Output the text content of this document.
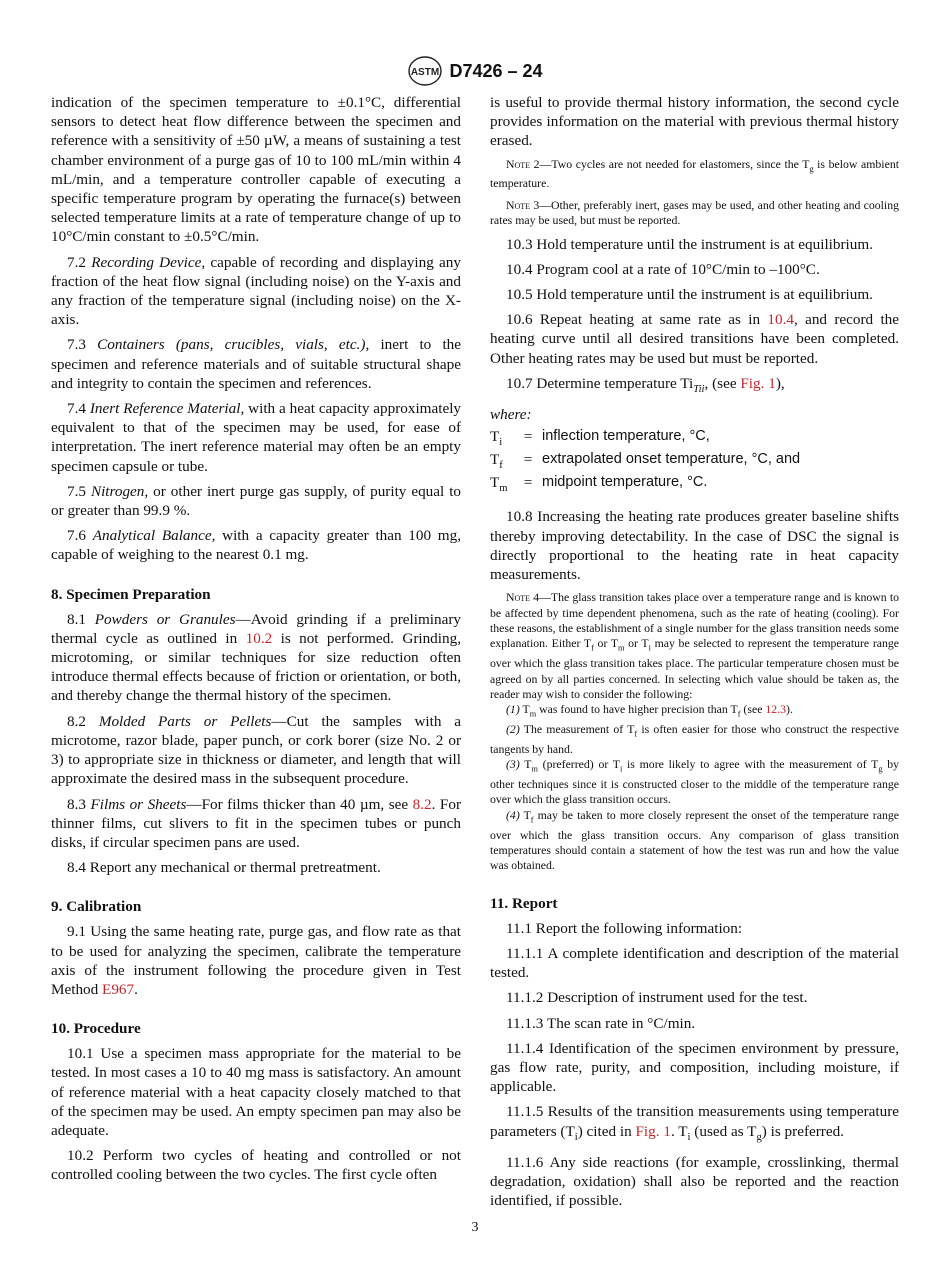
ASTM D7426 – 24

indication of the specimen temperature to ±0.1°C, differential sensors to detect heat flow difference between the specimen and reference with a sensitivity of ±50 µW, a means of sustaining a test chamber environment of a purge gas of 10 to 100 mL/min within 4 mL/min, and a temperature controller capable of executing a specific temperature program by operating the furnace(s) between selected temperature limits at a rate of temperature change of up to 10°C/min constant to ±0.5°C/min.

7.2 Recording Device, capable of recording and displaying any fraction of the heat flow signal (including noise) on the Y-axis and any fraction of the temperature signal (including noise) on the X-axis.

7.3 Containers (pans, crucibles, vials, etc.), inert to the specimen and reference materials and of suitable structural shape and integrity to contain the specimen and references.

7.4 Inert Reference Material, with a heat capacity approximately equivalent to that of the specimen may be used, for ease of interpretation. The inert reference material may often be an empty specimen capsule or tube.

7.5 Nitrogen, or other inert purge gas supply, of purity equal to or greater than 99.9 %.

7.6 Analytical Balance, with a capacity greater than 100 mg, capable of weighing to the nearest 0.1 mg.

8. Specimen Preparation

8.1 Powders or Granules—Avoid grinding if a preliminary thermal cycle as outlined in 10.2 is not performed. Grinding, microtoming, or similar techniques for size reduction often introduce thermal effects because of friction or orientation, or both, and thereby change the thermal history of the specimen.

8.2 Molded Parts or Pellets—Cut the samples with a microtome, razor blade, paper punch, or cork borer (size No. 2 or 3) to appropriate size in thickness or diameter, and length that will approximate the desired mass in the subsequent procedure.

8.3 Films or Sheets—For films thicker than 40 µm, see 8.2. For thinner films, cut slivers to fit in the specimen tubes or punch disks, if circular specimen pans are used.

8.4 Report any mechanical or thermal pretreatment.

9. Calibration

9.1 Using the same heating rate, purge gas, and flow rate as that to be used for analyzing the specimen, calibrate the temperature axis of the instrument following the procedure given in Test Method E967.

10. Procedure

10.1 Use a specimen mass appropriate for the material to be tested. In most cases a 10 to 40 mg mass is satisfactory. An amount of reference material with a heat capacity closely matched to that of the specimen may be used. An empty specimen pan may also be adequate.

10.2 Perform two cycles of heating and controlled or not controlled cooling between the two cycles. The first cycle often

is useful to provide thermal history information, the second cycle provides information on the material with previous thermal history erased.

Note 2—Two cycles are not needed for elastomers, since the $T_g$ is below ambient temperature.

Note 3—Other, preferably inert, gases may be used, and other heating and cooling rates may be used, but must be reported.

10.3 Hold temperature until the instrument is at equilibrium.

10.4 Program cool at a rate of 10°C/min to –100°C.

10.5 Hold temperature until the instrument is at equilibrium.

10.6 Repeat heating at same rate as in 10.4, and record the heating curve until all desired transitions have been completed. Other heating rates may be used but must be reported.

10.7 Determine temperature $Ti_{Tii}$, (see Fig. 1),

where:

$T_i$	=	inflection temperature, °C,
$T_f$	=	extrapolated onset temperature, °C, and
$T_m$	=	midpoint temperature, °C.

10.8 Increasing the heating rate produces greater baseline shifts thereby improving detectability. In the case of DSC the signal is directly proportional to the heating rate in heat capacity measurements.

Note 4—The glass transition takes place over a temperature range and is known to be affected by time dependent phenomena, such as the rate of heating (cooling). For these reasons, the establishment of a single number for the glass transition needs some explanation. Either $T_f$ or $T_m$ or $T_i$ may be selected to represent the temperature range over which the glass transition takes place. The particular temperature chosen must be agreed on by all parties concerned. In selecting which value should be taken as, the reader may wish to consider the following:

(1) $T_m$ was found to have higher precision than $T_f$ (see 12.3).

(2) The measurement of $T_f$ is often easier for those who construct the respective tangents by hand.

(3) $T_m$ (preferred) or $T_i$ is more likely to agree with the measurement of $T_g$ by other techniques since it is constructed closer to the middle of the temperature range over which the glass transition occurs.

(4) $T_f$ may be taken to more closely represent the onset of the temperature range over which the glass transition occurs. Any comparison of glass transition temperatures should contain a statement of how the test was run and how the value was obtained.

11. Report

11.1 Report the following information:

11.1.1 A complete identification and description of the material tested.

11.1.2 Description of instrument used for the test.

11.1.3 The scan rate in °C/min.

11.1.4 Identification of the specimen environment by pressure, gas flow rate, purity, and composition, including moisture, if applicable.

11.1.5 Results of the transition measurements using temperature parameters $(T_i)$ cited in Fig. 1. $T_i$ (used as $T_g$) is preferred.

11.1.6 Any side reactions (for example, crosslinking, thermal degradation, oxidation) shall also be reported and the reaction identified, if possible.

3
